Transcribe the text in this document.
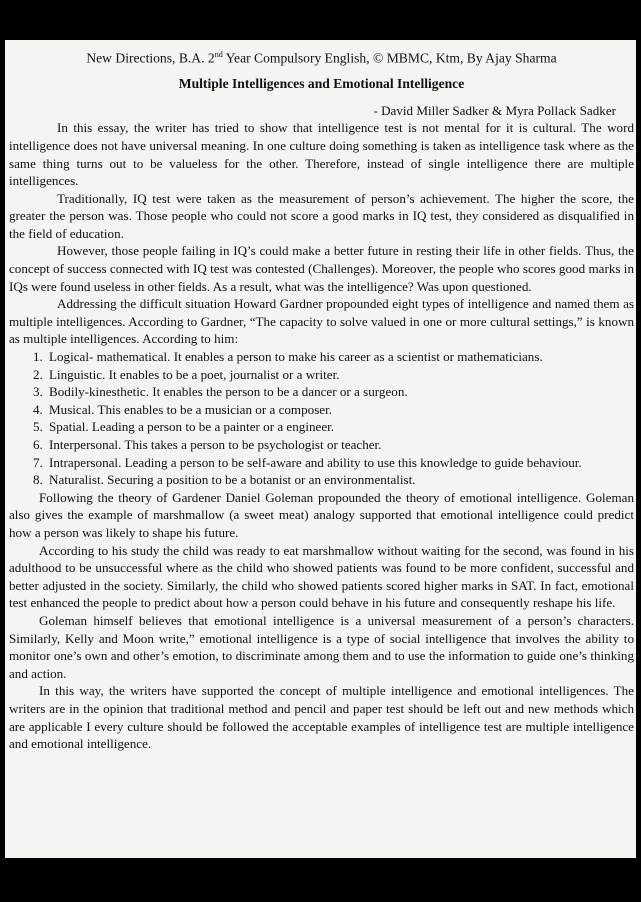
New Directions, B.A. 2nd Year Compulsory English, © MBMC, Ktm, By Ajay Sharma
Multiple Intelligences and Emotional Intelligence
- David Miller Sadker & Myra Pollack Sadker

In this essay, the writer has tried to show that intelligence test is not mental for it is cultural. The word intelligence does not have universal meaning. In one culture doing something is taken as intelligence task where as the same thing turns out to be valueless for the other. Therefore, instead of single intelligence there are multiple intelligences.

Traditionally, IQ test were taken as the measurement of person’s achievement. The higher the score, the greater the person was. Those people who could not score a good marks in IQ test, they considered as disqualified in the field of education.

However, those people failing in IQ’s could make a better future in resting their life in other fields. Thus, the concept of success connected with IQ test was contested (Challenges). Moreover, the people who scores good marks in IQs were found useless in other fields. As a result, what was the intelligence? Was upon questioned.

Addressing the difficult situation Howard Gardner propounded eight types of intelligence and named them as multiple intelligences. According to Gardner, “The capacity to solve valued in one or more cultural settings,” is known as multiple intelligences. According to him:

1. Logical- mathematical. It enables a person to make his career as a scientist or mathematicians.
2. Linguistic. It enables to be a poet, journalist or a writer.
3. Bodily-kinesthetic. It enables the person to be a dancer or a surgeon.
4. Musical. This enables to be a musician or a composer.
5. Spatial. Leading a person to be a painter or a engineer.
6. Interpersonal. This takes a person to be psychologist or teacher.
7. Intrapersonal. Leading a person to be self-aware and ability to use this knowledge to guide behaviour.
8. Naturalist. Securing a position to be a botanist or an environmentalist.

Following the theory of Gardener Daniel Goleman propounded the theory of emotional intelligence. Goleman also gives the example of marshmallow (a sweet meat) analogy supported that emotional intelligence could predict how a person was likely to shape his future.

According to his study the child was ready to eat marshmallow without waiting for the second, was found in his adulthood to be unsuccessful where as the child who showed patients was found to be more confident, successful and better adjusted in the society. Similarly, the child who showed patients scored higher marks in SAT. In fact, emotional test enhanced the people to predict about how a person could behave in his future and consequently reshape his life.

Goleman himself believes that emotional intelligence is a universal measurement of a person’s characters. Similarly, Kelly and Moon write,” emotional intelligence is a type of social intelligence that involves the ability to monitor one’s own and other’s emotion, to discriminate among them and to use the information to guide one’s thinking and action.

In this way, the writers have supported the concept of multiple intelligence and emotional intelligences. The writers are in the opinion that traditional method and pencil and paper test should be left out and new methods which are applicable I every culture should be followed the acceptable examples of intelligence test are multiple intelligence and emotional intelligence.
